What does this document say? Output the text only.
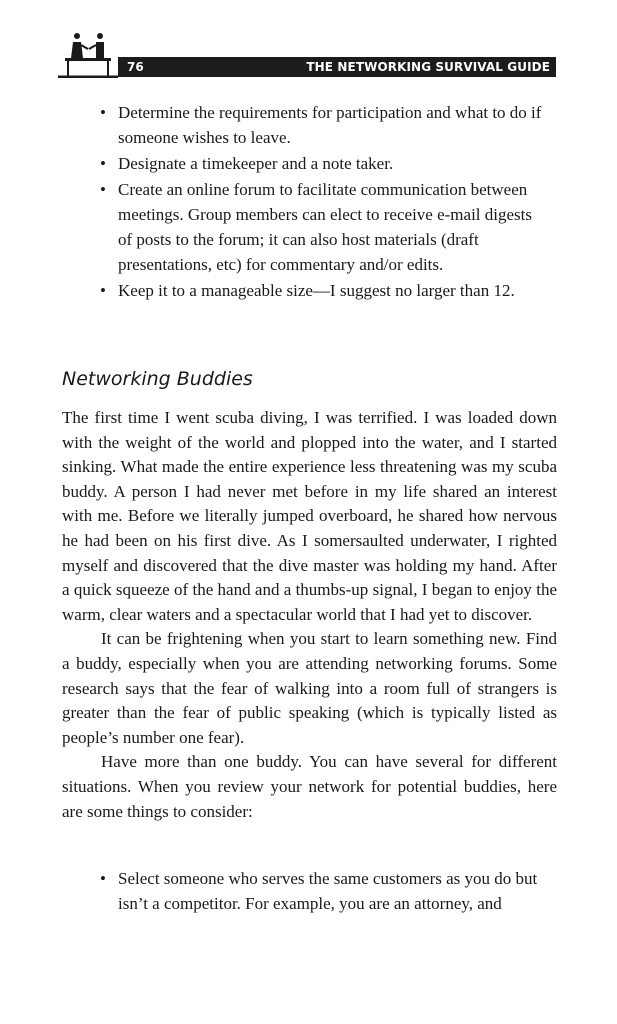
76	THE NETWORKING SURVIVAL GUIDE
• Determine the requirements for participation and what to do if someone wishes to leave.
• Designate a timekeeper and a note taker.
• Create an online forum to facilitate communication between meetings. Group members can elect to receive e-mail digests of posts to the forum; it can also host materials (draft presentations, etc) for commentary and/or edits.
• Keep it to a manageable size—I suggest no larger than 12.
Networking Buddies

The first time I went scuba diving, I was terrified. I was loaded down with the weight of the world and plopped into the water, and I started sinking. What made the entire experience less threatening was my scuba buddy. A person I had never met before in my life shared an interest with me. Before we literally jumped overboard, he shared how nervous he had been on his first dive. As I somersaulted underwater, I righted myself and discovered that the dive master was holding my hand. After a quick squeeze of the hand and a thumbs-up signal, I began to enjoy the warm, clear waters and a spectacular world that I had yet to discover.

It can be frightening when you start to learn something new. Find a buddy, especially when you are attending networking forums. Some research says that the fear of walking into a room full of strangers is greater than the fear of public speaking (which is typically listed as people’s number one fear).

Have more than one buddy. You can have several for different situations. When you review your network for potential buddies, here are some things to consider:

• Select someone who serves the same customers as you do but isn’t a competitor. For example, you are an attorney, and
